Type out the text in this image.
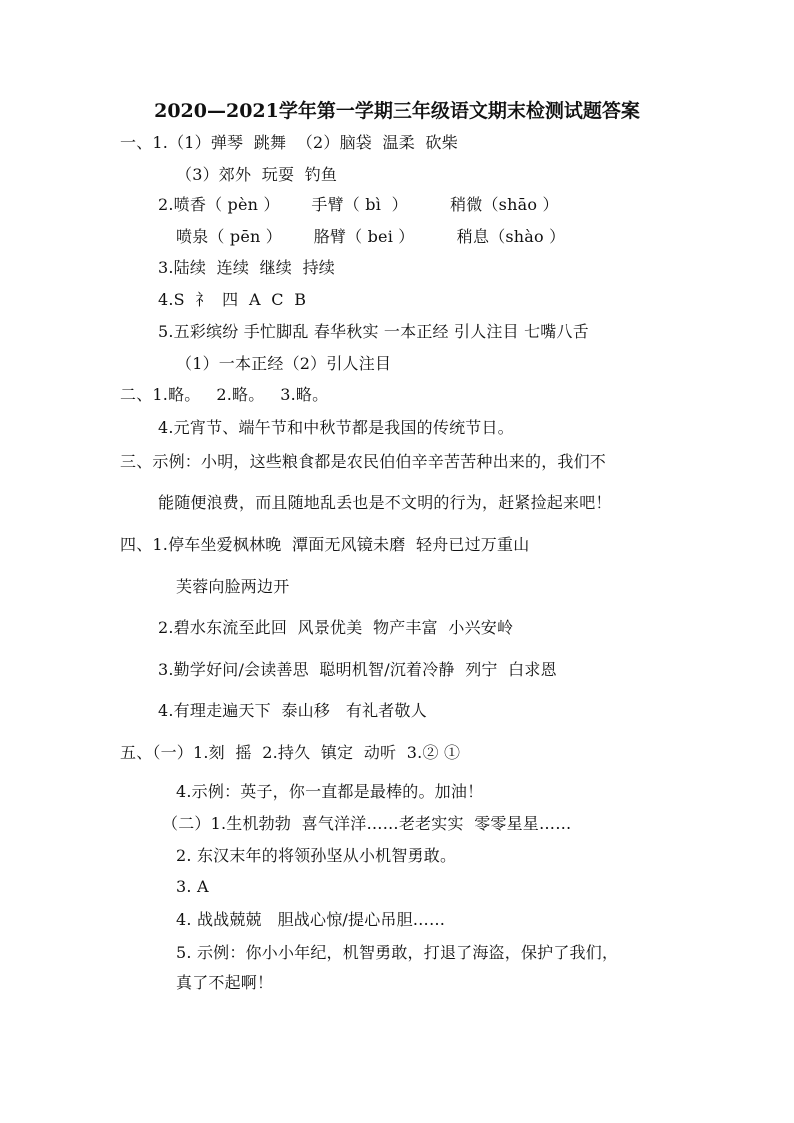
2020—2021学年第一学期三年级语文期末检测试题答案
一、1.（1）弹琴  跳舞  （2）脑袋  温柔  砍柴
（3）郊外  玩耍  钓鱼
2.喷香（ pèn ）      手臂（ bì  ）        稍微（shāo ）
喷泉（ pēn ）      胳臂（ bei ）        稍息（shào ）
3.陆续  连续  继续  持续
4.S  礻  四  A  C  B
5.五彩缤纷 手忙脚乱 春华秋实 一本正经 引人注目 七嘴八舌
（1）一本正经（2）引人注目
二、1.略。   2.略。   3.略。
4.元宵节、端午节和中秋节都是我国的传统节日。
三、示例：小明，这些粮食都是农民伯伯辛辛苦苦种出来的，我们不
能随便浪费，而且随地乱丢也是不文明的行为，赶紧捡起来吧！
四、1.停车坐爱枫林晚  潭面无风镜未磨  轻舟已过万重山
芙蓉向脸两边开
2.碧水东流至此回  风景优美  物产丰富  小兴安岭
3.勤学好问/会读善思  聪明机智/沉着冷静  列宁  白求恩
4.有理走遍天下  泰山移   有礼者敬人
五、（一）1.刻  摇  2.持久  镇定  动听  3.② ①
4.示例：英子，你一直都是最棒的。加油！
（二）1.生机勃勃  喜气洋洋……老老实实  零零星星……
2. 东汉末年的将领孙坚从小机智勇敢。
3. A
4. 战战兢兢   胆战心惊/提心吊胆……
5. 示例：你小小年纪，机智勇敢，打退了海盗，保护了我们，
真了不起啊！
